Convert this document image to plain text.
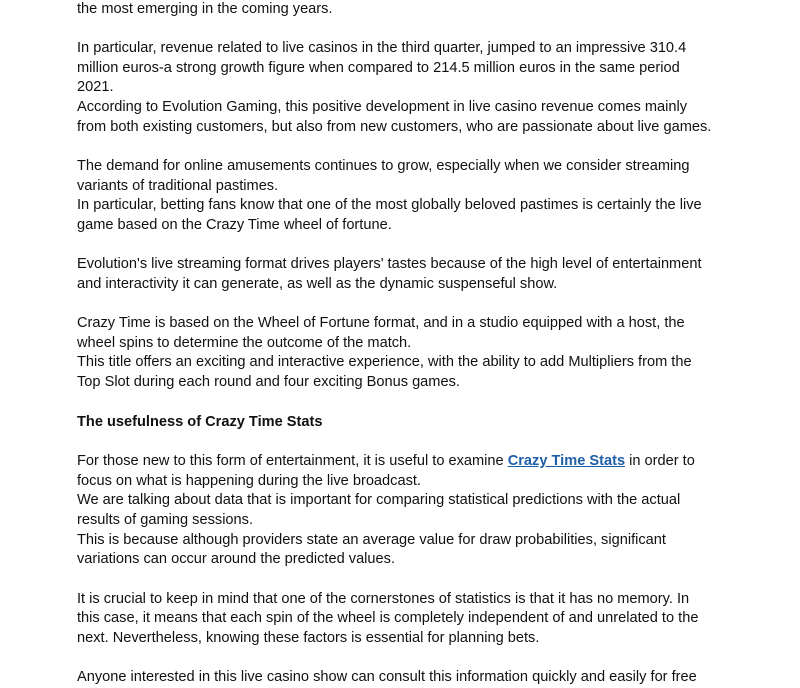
the most emerging in the coming years.
In particular, revenue related to live casinos in the third quarter, jumped to an impressive 310.4
million euros-a strong growth figure when compared to 214.5 million euros in the same period
2021.
According to Evolution Gaming, this positive development in live casino revenue comes mainly
from both existing customers, but also from new customers, who are passionate about live games.
The demand for online amusements continues to grow, especially when we consider streaming
variants of traditional pastimes.
In particular, betting fans know that one of the most globally beloved pastimes is certainly the live
game based on the Crazy Time wheel of fortune.
Evolution's live streaming format drives players' tastes because of the high level of entertainment
and interactivity it can generate, as well as the dynamic suspenseful show.
Crazy Time is based on the Wheel of Fortune format, and in a studio equipped with a host, the
wheel spins to determine the outcome of the match.
This title offers an exciting and interactive experience, with the ability to add Multipliers from the
Top Slot during each round and four exciting Bonus games.
The usefulness of Crazy Time Stats
For those new to this form of entertainment, it is useful to examine Crazy Time Stats in order to
focus on what is happening during the live broadcast.
We are talking about data that is important for comparing statistical predictions with the actual
results of gaming sessions.
This is because although providers state an average value for draw probabilities, significant
variations can occur around the predicted values.
It is crucial to keep in mind that one of the cornerstones of statistics is that it has no memory. In
this case, it means that each spin of the wheel is completely independent of and unrelated to the
next. Nevertheless, knowing these factors is essential for planning bets.
Anyone interested in this live casino show can consult this information quickly and easily for free
